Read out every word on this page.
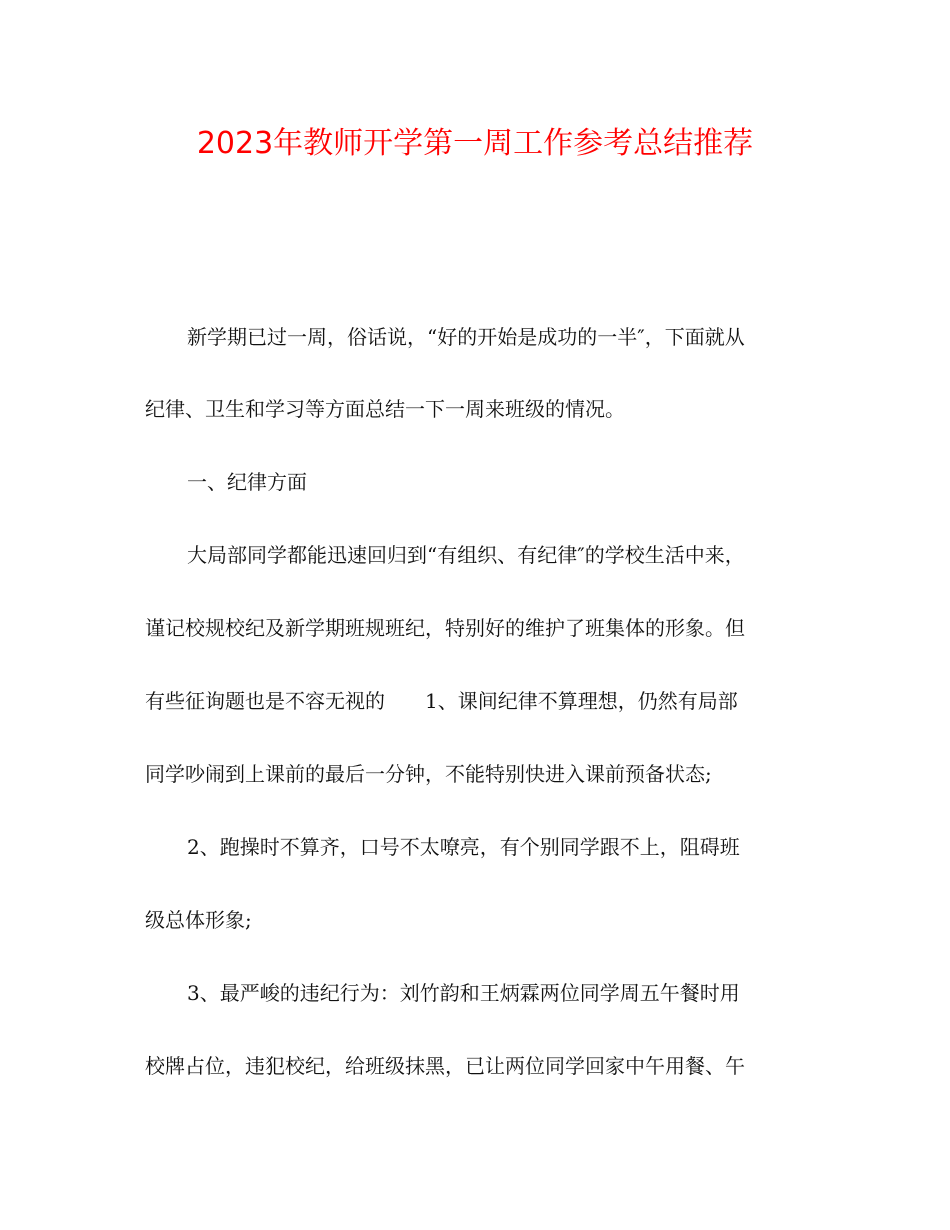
2023年教师开学第一周工作参考总结推荐

新学期已过一周，俗话说，“好的开始是成功的一半″，下面就从

纪律、卫生和学习等方面总结一下一周来班级的情况。

一、纪律方面

大局部同学都能迅速回归到“有组织、有纪律″的学校生活中来，

谨记校规校纪及新学期班规班纪，特别好的维护了班集体的形象。但

有些征询题也是不容无视的　　1、课间纪律不算理想，仍然有局部

同学吵闹到上课前的最后一分钟，不能特别快进入课前预备状态;

2、跑操时不算齐，口号不太嘹亮，有个别同学跟不上，阻碍班

级总体形象;

3、最严峻的违纪行为：刘竹韵和王炳霖两位同学周五午餐时用

校牌占位，违犯校纪，给班级抹黑，已让两位同学回家中午用餐、午
